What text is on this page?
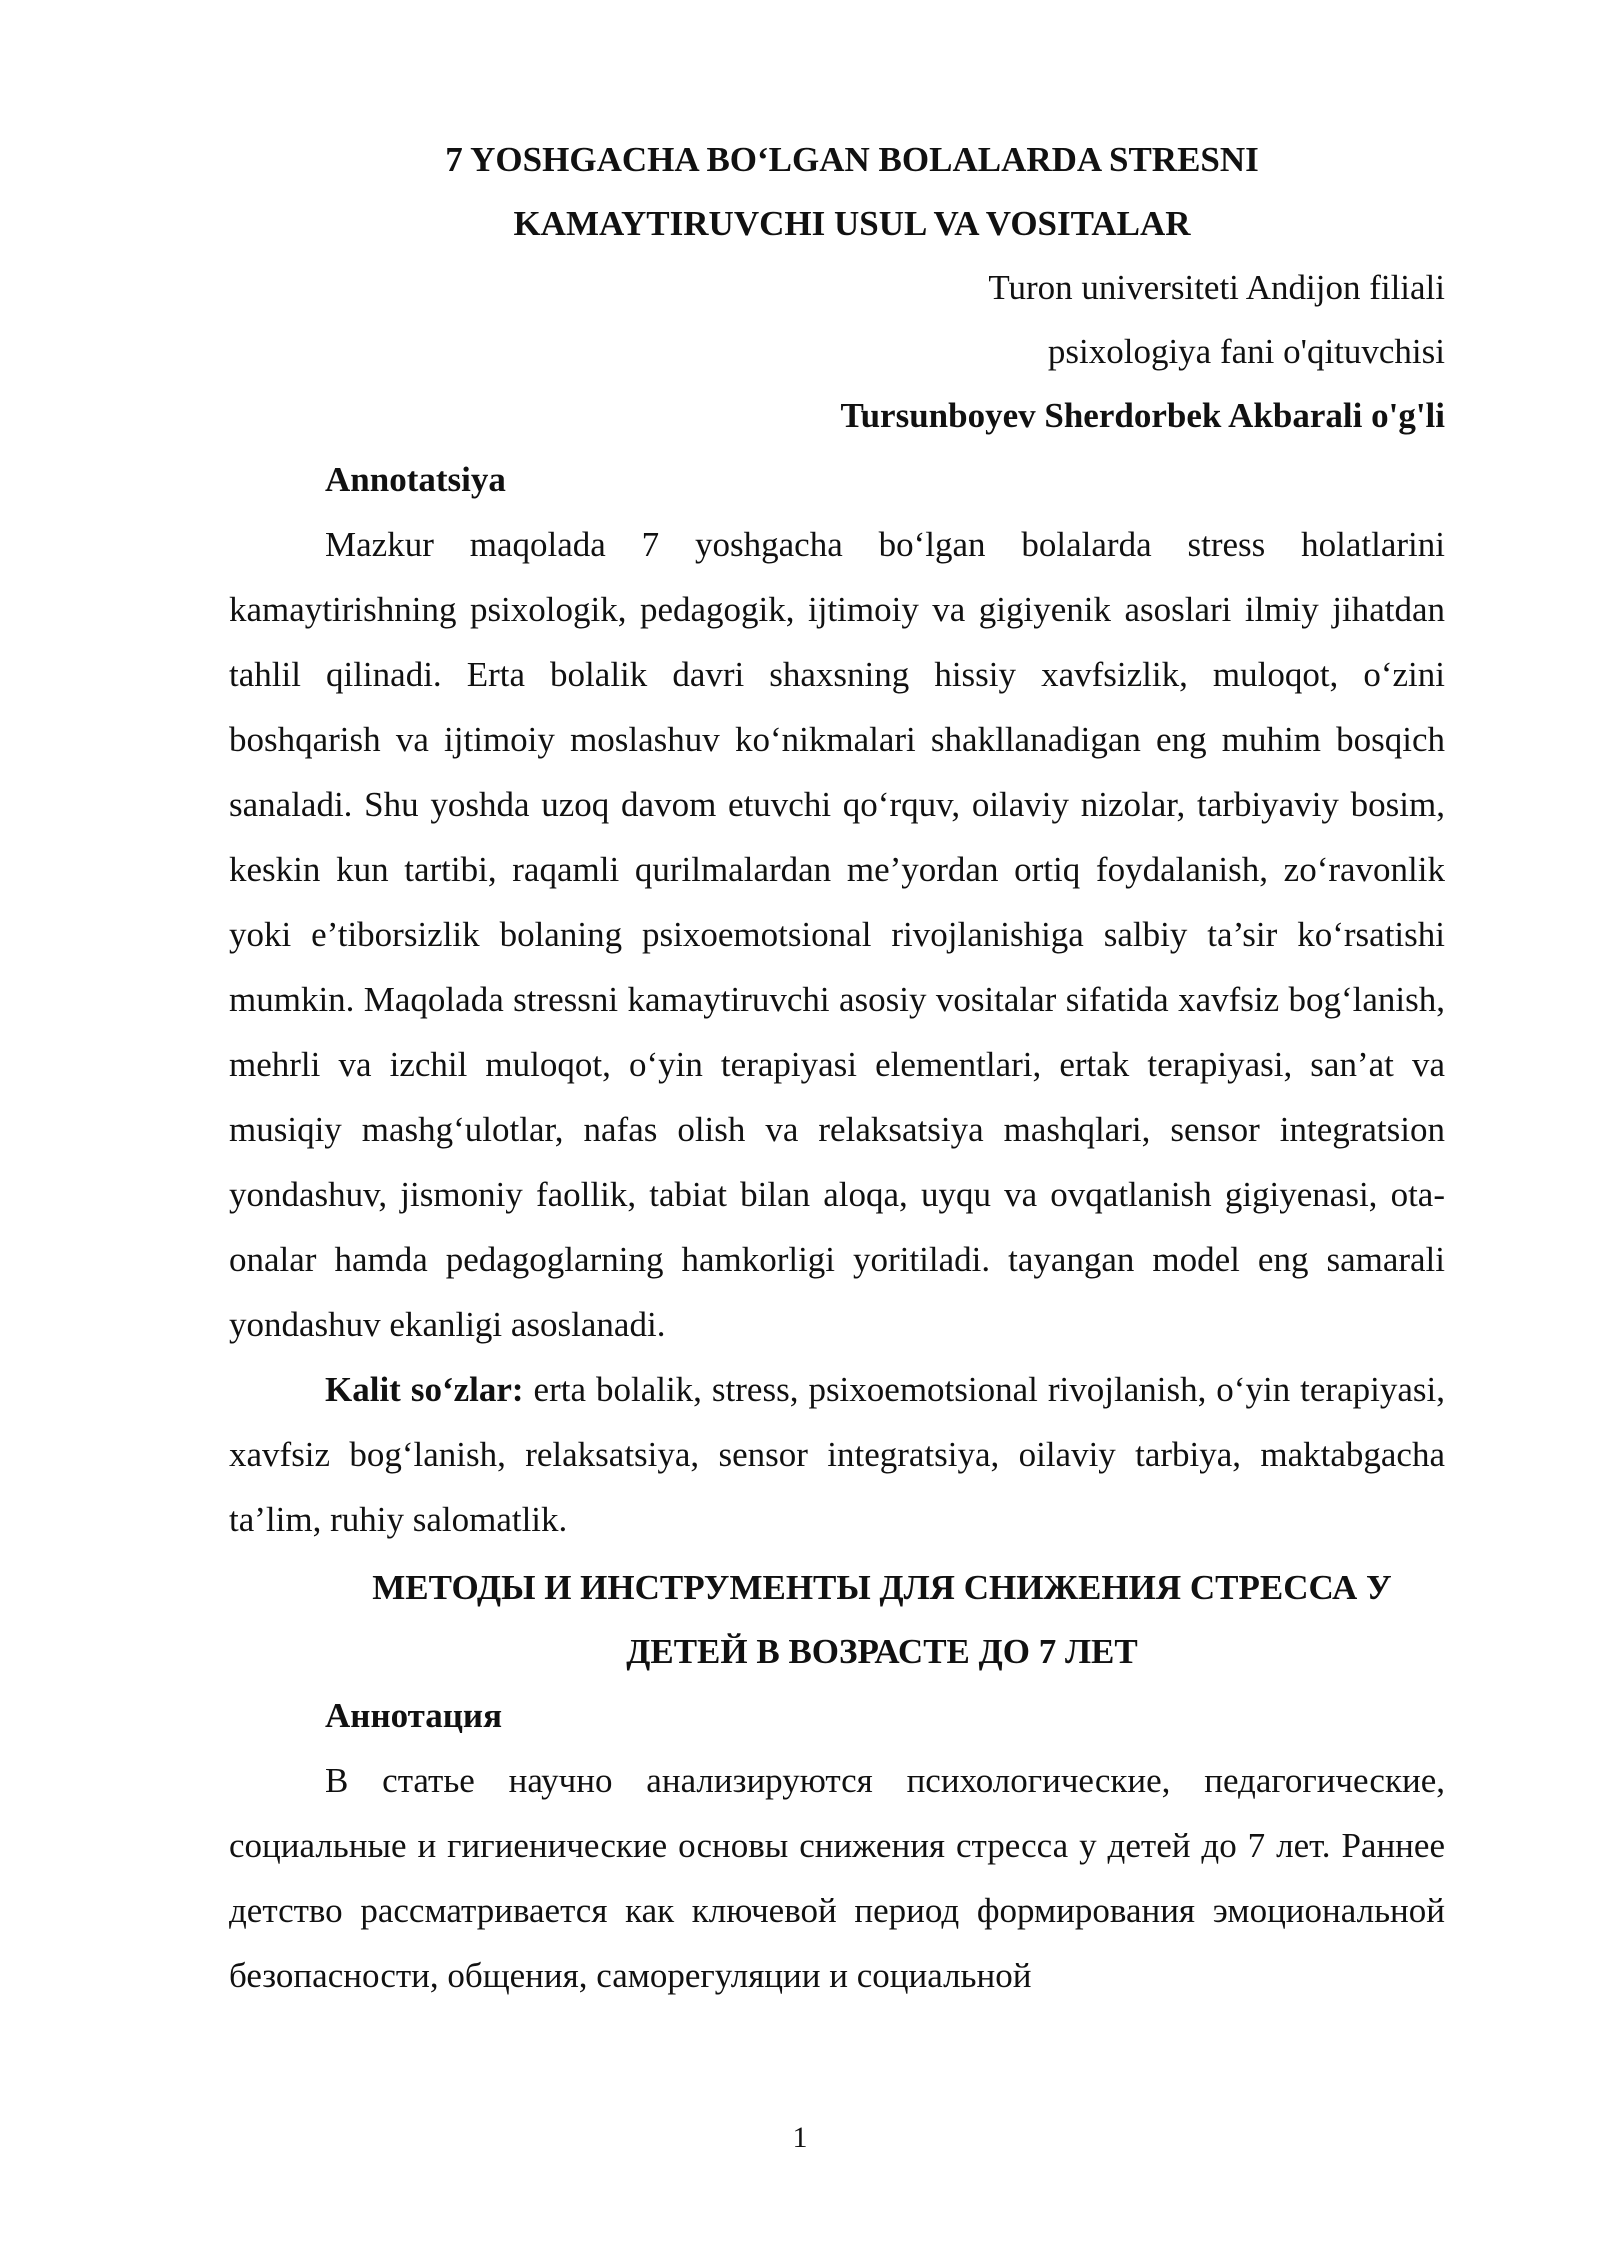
7 YOSHGACHA BO‘LGAN BOLALARDA STRESNI
KAMAYTIRUVCHI USUL VA VOSITALAR

Turon universiteti Andijon filiali

psixologiya fani o'qituvchisi

Tursunboyev Sherdorbek Akbarali o'g'li

Annotatsiya

Mazkur maqolada 7 yoshgacha bo‘lgan bolalarda stress holatlarini kamaytirishning psixologik, pedagogik, ijtimoiy va gigiyenik asoslari ilmiy jihatdan tahlil qilinadi. Erta bolalik davri shaxsning hissiy xavfsizlik, muloqot, o‘zini boshqarish va ijtimoiy moslashuv ko‘nikmalari shakllanadigan eng muhim bosqich sanaladi. Shu yoshda uzoq davom etuvchi qo‘rquv, oilaviy nizolar, tarbiyaviy bosim, keskin kun tartibi, raqamli qurilmalardan me’yordan ortiq foydalanish, zo‘ravonlik yoki e’tiborsizlik bolaning psixoemotsional rivojlanishiga salbiy ta’sir ko‘rsatishi mumkin. Maqolada stressni kamaytiruvchi asosiy vositalar sifatida xavfsiz bog‘lanish, mehrli va izchil muloqot, o‘yin terapiyasi elementlari, ertak terapiyasi, san’at va musiqiy mashg‘ulotlar, nafas olish va relaksatsiya mashqlari, sensor integratsion yondashuv, jismoniy faollik, tabiat bilan aloqa, uyqu va ovqatlanish gigiyenasi, ota-onalar hamda pedagoglarning hamkorligi yoritiladi. tayangan model eng samarali yondashuv ekanligi asoslanadi.

Kalit so‘zlar: erta bolalik, stress, psixoemotsional rivojlanish, o‘yin terapiyasi, xavfsiz bog‘lanish, relaksatsiya, sensor integratsiya, oilaviy tarbiya, maktabgacha ta’lim, ruhiy salomatlik.

МЕТОДЫ И ИНСТРУМЕНТЫ ДЛЯ СНИЖЕНИЯ СТРЕССА У
ДЕТЕЙ В ВОЗРАСТЕ ДО 7 ЛЕТ

Аннотация

В статье научно анализируются психологические, педагогические, социальные и гигиенические основы снижения стресса у детей до 7 лет. Раннее детство рассматривается как ключевой период формирования эмоциональной безопасности, общения, саморегуляции и социальной

1
